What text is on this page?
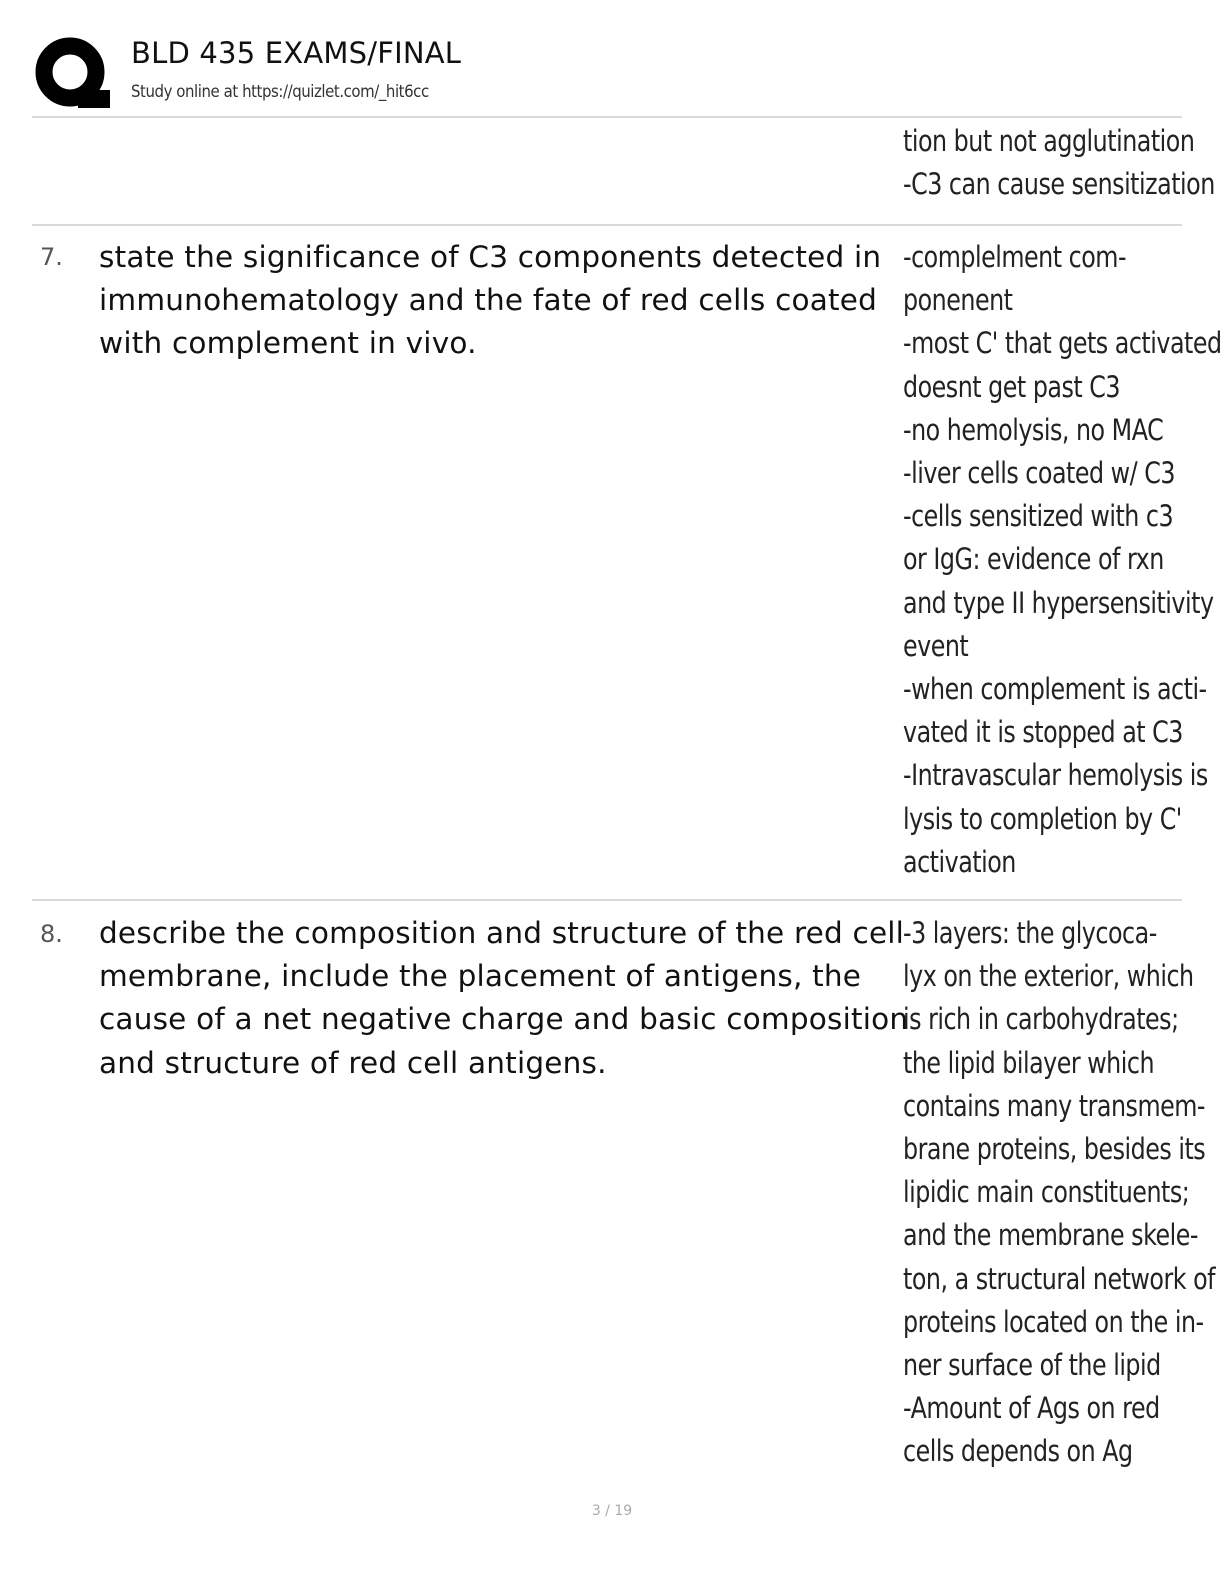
BLD 435 EXAMS/FINAL
Study online at https://quizlet.com/_hit6cc
tion but not agglutination
-C3 can cause sensitization
7. state the significance of C3 components detected in
immunohematology and the fate of red cells coated
with complement in vivo.
-complelment com-
ponenent
-most C' that gets activated
doesnt get past C3
-no hemolysis, no MAC
-liver cells coated w/ C3
-cells sensitized with c3
or IgG: evidence of rxn
and type II hypersensitivity
event
-when complement is acti-
vated it is stopped at C3
-Intravascular hemolysis is
lysis to completion by C'
activation
8. describe the composition and structure of the red cell
membrane, include the placement of antigens, the
cause of a net negative charge and basic composition
and structure of red cell antigens.
-3 layers: the glycoca-
lyx on the exterior, which
is rich in carbohydrates;
the lipid bilayer which
contains many transmem-
brane proteins, besides its
lipidic main constituents;
and the membrane skele-
ton, a structural network of
proteins located on the in-
ner surface of the lipid
-Amount of Ags on red
cells depends on Ag
3 / 19
